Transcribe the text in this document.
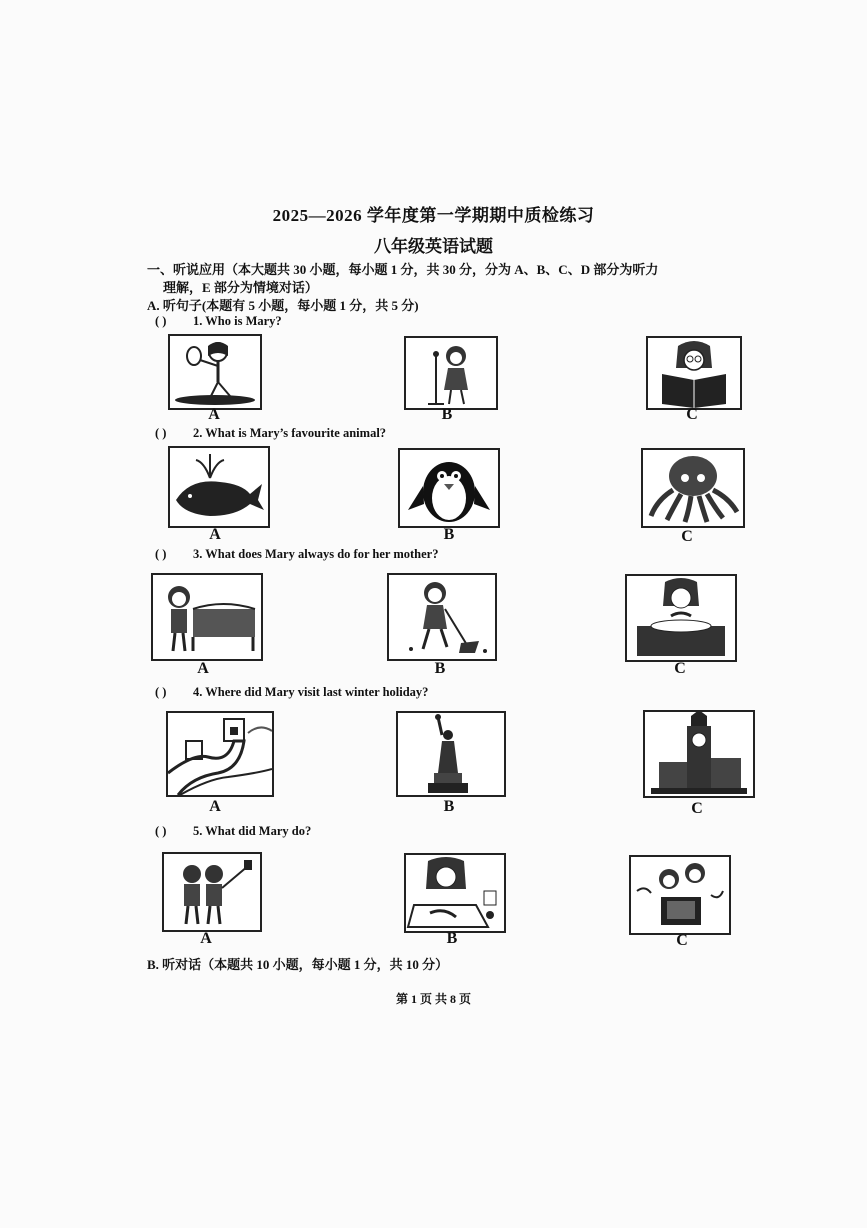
2025—2026 学年度第一学期期中质检练习
八年级英语试题
一、听说应用（本大题共 30 小题，每小题 1 分，共 30 分，分为 A、B、C、D 部分为听力
理解，E 部分为情境对话）
A. 听句子(本题有 5 小题，每小题 1 分，共 5 分)
( ) 1. Who is Mary?
A	B	C
( ) 2. What is Mary’s favourite animal?
A	B	C
( ) 3. What does Mary always do for her mother?
A	B	C
( ) 4. Where did Mary visit last winter holiday?
A	B	C
( ) 5. What did Mary do?
A	B	C
B. 听对话（本题共 10 小题，每小题 1 分，共 10 分）
第 1 页 共 8 页
